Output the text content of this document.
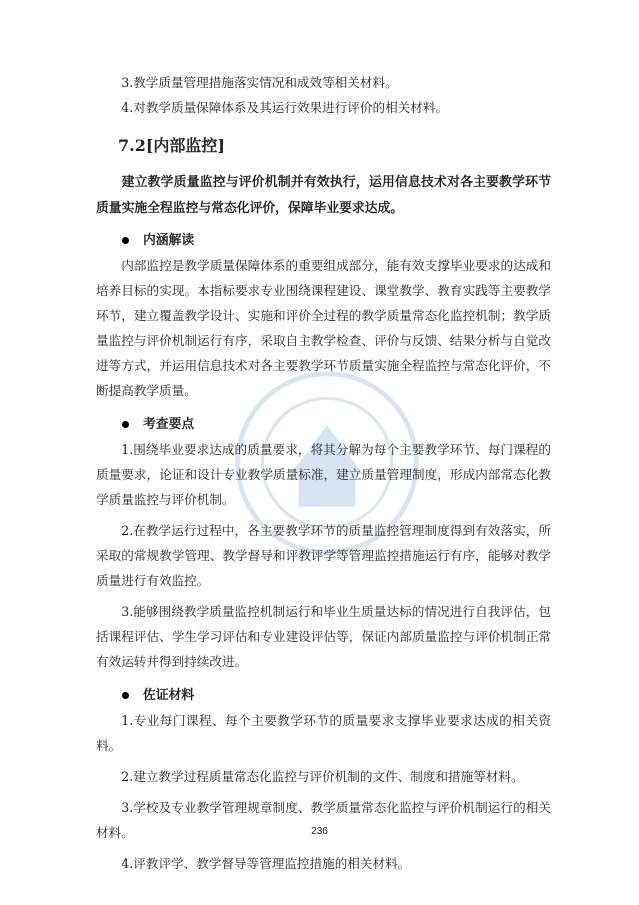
3.教学质量管理措施落实情况和成效等相关材料。

4.对教学质量保障体系及其运行效果进行评价的相关材料。

7.2[内部监控]

建立教学质量监控与评价机制并有效执行，运用信息技术对各主要教学环节质量实施全程监控与常态化评价，保障毕业要求达成。

内涵解读

内部监控是教学质量保障体系的重要组成部分，能有效支撑毕业要求的达成和培养目标的实现。本指标要求专业围绕课程建设、课堂教学、教育实践等主要教学环节，建立覆盖教学设计、实施和评价全过程的教学质量常态化监控机制；教学质量监控与评价机制运行有序，采取自主教学检查、评价与反馈、结果分析与自觉改进等方式，并运用信息技术对各主要教学环节质量实施全程监控与常态化评价，不断提高教学质量。

考查要点

1.围绕毕业要求达成的质量要求，将其分解为每个主要教学环节、每门课程的质量要求，论证和设计专业教学质量标准，建立质量管理制度，形成内部常态化教学质量监控与评价机制。

2.在教学运行过程中，各主要教学环节的质量监控管理制度得到有效落实，所采取的常规教学管理、教学督导和评教评学等管理监控措施运行有序，能够对教学质量进行有效监控。

3.能够围绕教学质量监控机制运行和毕业生质量达标的情况进行自我评估，包括课程评估、学生学习评估和专业建设评估等，保证内部质量监控与评价机制正常有效运转并得到持续改进。

佐证材料

1.专业每门课程、每个主要教学环节的质量要求支撑毕业要求达成的相关资料。

2.建立教学过程质量常态化监控与评价机制的文件、制度和措施等材料。

3.学校及专业教学管理规章制度、教学质量常态化监控与评价机制运行的相关材料。

4.评教评学、教学督导等管理监控措施的相关材料。

236
